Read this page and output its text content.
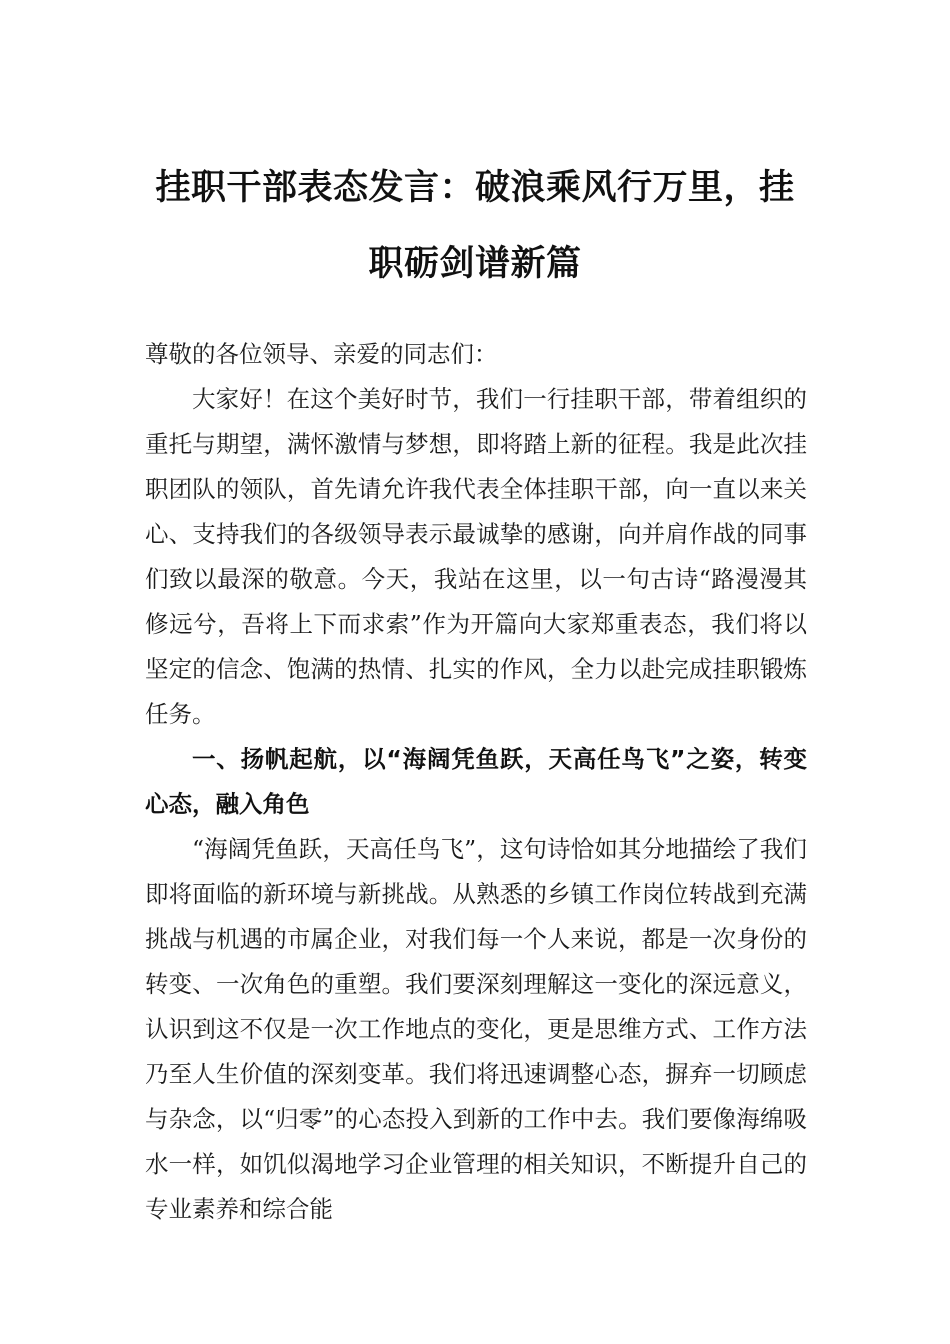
挂职干部表态发言：破浪乘风行万里，挂
职砺剑谱新篇

尊敬的各位领导、亲爱的同志们：

大家好！在这个美好时节，我们一行挂职干部，带着组织的重托与期望，满怀激情与梦想，即将踏上新的征程。我是此次挂职团队的领队，首先请允许我代表全体挂职干部，向一直以来关心、支持我们的各级领导表示最诚挚的感谢，向并肩作战的同事们致以最深的敬意。今天，我站在这里，以一句古诗“路漫漫其修远兮，吾将上下而求索”作为开篇向大家郑重表态，我们将以坚定的信念、饱满的热情、扎实的作风，全力以赴完成挂职锻炼任务。

一、扬帆起航，以“海阔凭鱼跃，天高任鸟飞”之姿，转变心态，融入角色

“海阔凭鱼跃，天高任鸟飞”，这句诗恰如其分地描绘了我们即将面临的新环境与新挑战。从熟悉的乡镇工作岗位转战到充满挑战与机遇的市属企业，对我们每一个人来说，都是一次身份的转变、一次角色的重塑。我们要深刻理解这一变化的深远意义，认识到这不仅是一次工作地点的变化，更是思维方式、工作方法乃至人生价值的深刻变革。我们将迅速调整心态，摒弃一切顾虑与杂念，以“归零”的心态投入到新的工作中去。我们要像海绵吸水一样，如饥似渴地学习企业管理的相关知识，不断提升自己的专业素养和综合能
